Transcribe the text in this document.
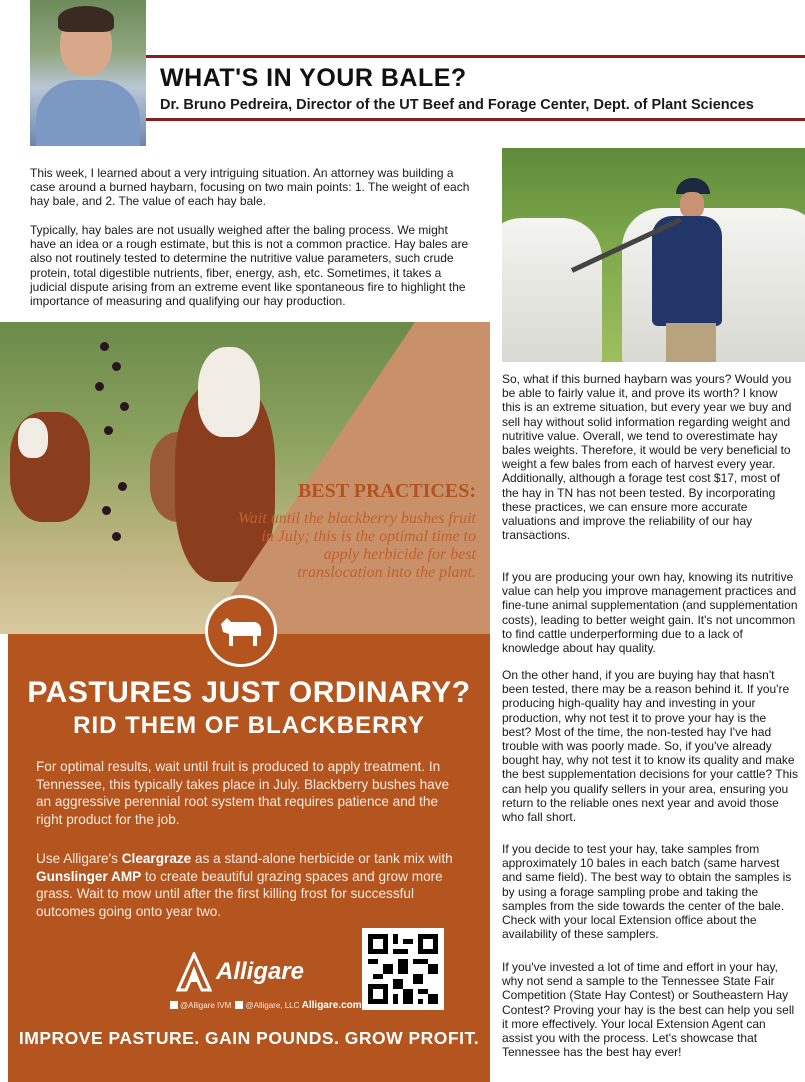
WHAT'S IN YOUR BALE?
Dr. Bruno Pedreira, Director of the UT Beef and Forage Center, Dept. of Plant Sciences

This week, I learned about a very intriguing situation. An attorney was building a case around a burned haybarn, focusing on two main points: 1. The weight of each hay bale, and 2. The value of each hay bale.

Typically, hay bales are not usually weighed after the baling process. We might have an idea or a rough estimate, but this is not a common practice. Hay bales are also not routinely tested to determine the nutritive value parameters, such crude protein, total digestible nutrients, fiber, energy, ash, etc. Sometimes, it takes a judicial dispute arising from an extreme event like spontaneous fire to highlight the importance of measuring and qualifying our hay production.

BEST PRACTICES:
Wait until the blackberry bushes fruit in July; this is the optimal time to apply herbicide for best translocation into the plant.
PASTURES JUST ORDINARY?
RID THEM OF BLACKBERRY

For optimal results, wait until fruit is produced to apply treatment. In Tennessee, this typically takes place in July. Blackberry bushes have an aggressive perennial root system that requires patience and the right product for the job.

Use Alligare's Cleargraze as a stand-alone herbicide or tank mix with Gunslinger AMP to create beautiful grazing spaces and grow more grass. Wait to mow until after the first killing frost for successful outcomes going onto year two.

Alligare
@Alligare IVM @Alligare, LLC Alligare.com
IMPROVE PASTURE. GAIN POUNDS. GROW PROFIT.

So, what if this burned haybarn was yours? Would you be able to fairly value it, and prove its worth? I know this is an extreme situation, but every year we buy and sell hay without solid information regarding weight and nutritive value. Overall, we tend to overestimate hay bales weights. Therefore, it would be very beneficial to weight a few bales from each of harvest every year. Additionally, although a forage test cost $17, most of the hay in TN has not been tested. By incorporating these practices, we can ensure more accurate valuations and improve the reliability of our hay transactions.

If you are producing your own hay, knowing its nutritive value can help you improve management practices and fine-tune animal supplementation (and supplementation costs), leading to better weight gain. It's not uncommon to find cattle underperforming due to a lack of knowledge about hay quality.

On the other hand, if you are buying hay that hasn't been tested, there may be a reason behind it. If you're producing high-quality hay and investing in your production, why not test it to prove your hay is the best? Most of the time, the non-tested hay I've had trouble with was poorly made. So, if you've already bought hay, why not test it to know its quality and make the best supplementation decisions for your cattle? This can help you qualify sellers in your area, ensuring you return to the reliable ones next year and avoid those who fall short.

If you decide to test your hay, take samples from approximately 10 bales in each batch (same harvest and same field). The best way to obtain the samples is by using a forage sampling probe and taking the samples from the side towards the center of the bale. Check with your local Extension office about the availability of these samplers.

If you've invested a lot of time and effort in your hay, why not send a sample to the Tennessee State Fair Competition (State Hay Contest) or Southeastern Hay Contest? Proving your hay is the best can help you sell it more effectively. Your local Extension Agent can assist you with the process. Let's showcase that Tennessee has the best hay ever!
